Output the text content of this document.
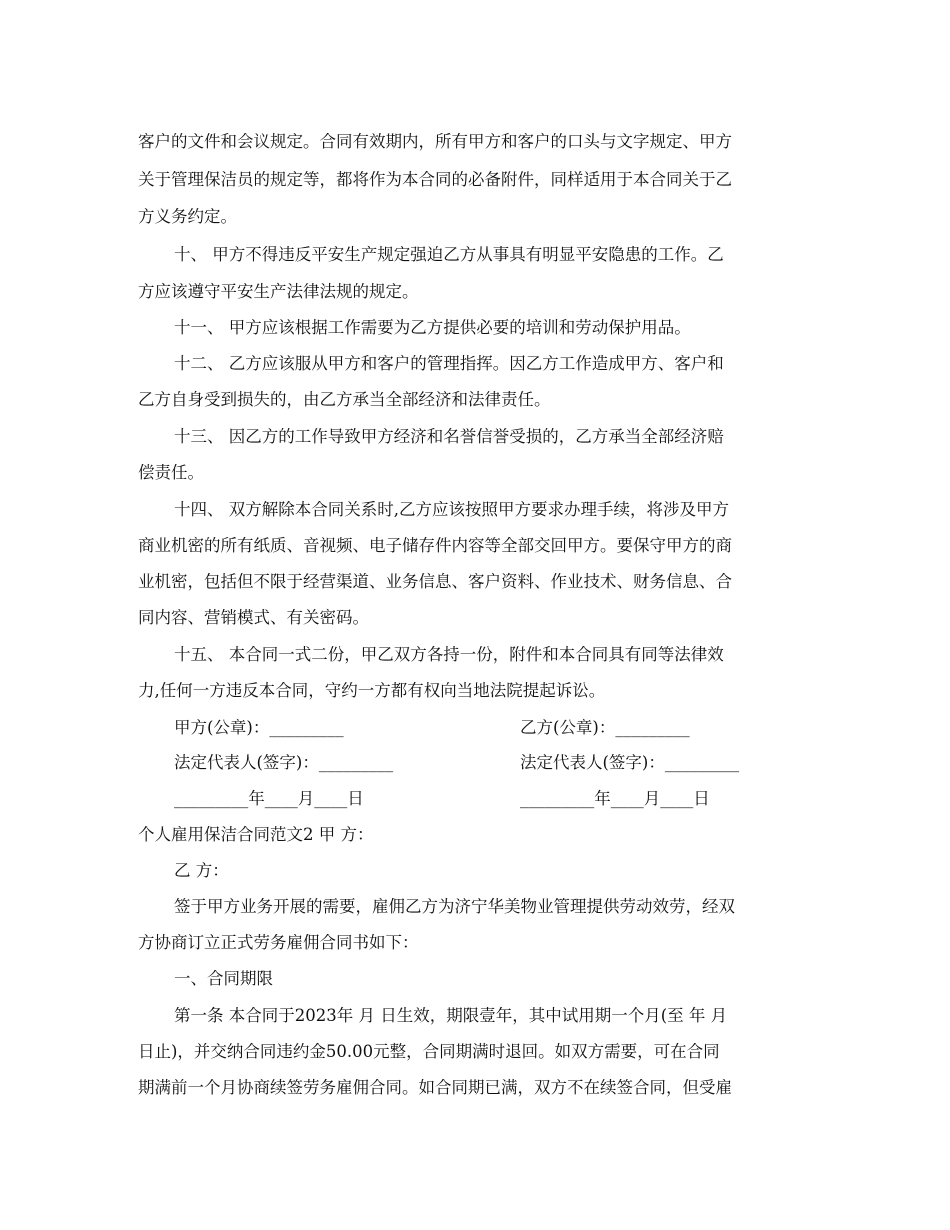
客户的文件和会议规定。合同有效期内，所有甲方和客户的口头与文字规定、甲方
关于管理保洁员的规定等，都将作为本合同的必备附件，同样适用于本合同关于乙
方义务约定。
十、 甲方不得违反平安生产规定强迫乙方从事具有明显平安隐患的工作。乙
方应该遵守平安生产法律法规的规定。
十一、 甲方应该根据工作需要为乙方提供必要的培训和劳动保护用品。
十二、 乙方应该服从甲方和客户的管理指挥。因乙方工作造成甲方、客户和
乙方自身受到损失的，由乙方承当全部经济和法律责任。
十三、 因乙方的工作导致甲方经济和名誉信誉受损的，乙方承当全部经济赔
偿责任。
十四、 双方解除本合同关系时,乙方应该按照甲方要求办理手续，将涉及甲方
商业机密的所有纸质、音视频、电子储存件内容等全部交回甲方。要保守甲方的商
业机密，包括但不限于经营渠道、业务信息、客户资料、作业技术、财务信息、合
同内容、营销模式、有关密码。
十五、 本合同一式二份，甲乙双方各持一份，附件和本合同具有同等法律效
力,任何一方违反本合同，守约一方都有权向当地法院提起诉讼。
甲方(公章)：_________	乙方(公章)：_________
法定代表人(签字)：_________	法定代表人(签字)：_________
_________年____月____日	_________年____月____日
个人雇用保洁合同范文2 甲 方：
乙 方：
签于甲方业务开展的需要，雇佣乙方为济宁华美物业管理提供劳动效劳，经双
方协商订立正式劳务雇佣合同书如下：
一、合同期限
第一条 本合同于2023年 月 日生效，期限壹年，其中试用期一个月(至 年 月
日止)，并交纳合同违约金50.00元整，合同期满时退回。如双方需要，可在合同
期满前一个月协商续签劳务雇佣合同。如合同期已满，双方不在续签合同，但受雇
